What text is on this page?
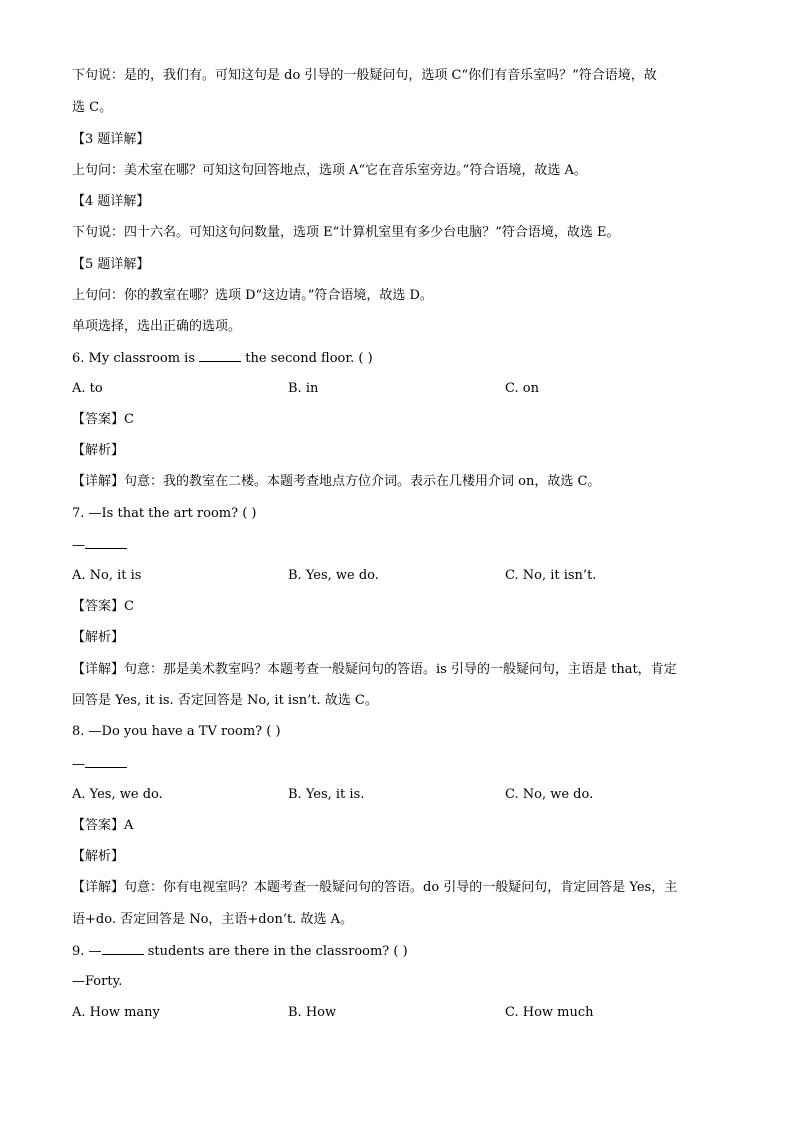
下句说：是的，我们有。可知这句是 do 引导的一般疑问句，选项 C“你们有音乐室吗？”符合语境，故
选 C。
【3 题详解】
上句问：美术室在哪？可知这句回答地点，选项 A“它在音乐室旁边。”符合语境，故选 A。
【4 题详解】
下句说：四十六名。可知这句问数量，选项 E“计算机室里有多少台电脑？”符合语境，故选 E。
【5 题详解】
上句问：你的教室在哪？选项 D“这边请。”符合语境，故选 D。
单项选择，选出正确的选项。
6. My classroom is	the second floor. ( )
A. to	B. in	C. on
【答案】C
【解析】
【详解】句意：我的教室在二楼。本题考查地点方位介词。表示在几楼用介词 on，故选 C。
7. —Is that the art room? ( )
—
A. No, it is	B. Yes, we do.	C. No, it isn’t.
【答案】C
【解析】
【详解】句意：那是美术教室吗？本题考查一般疑问句的答语。is 引导的一般疑问句，主语是 that，肯定
回答是 Yes, it is. 否定回答是 No, it isn’t. 故选 C。
8. —Do you have a TV room? ( )
—
A. Yes, we do.	B. Yes, it is.	C. No, we do.
【答案】A
【解析】
【详解】句意：你有电视室吗？本题考查一般疑问句的答语。do 引导的一般疑问句，肯定回答是 Yes，主
语+do. 否定回答是 No，主语+don’t. 故选 A。
9. —	students are there in the classroom? ( )
—Forty.
A. How many	B. How	C. How much
